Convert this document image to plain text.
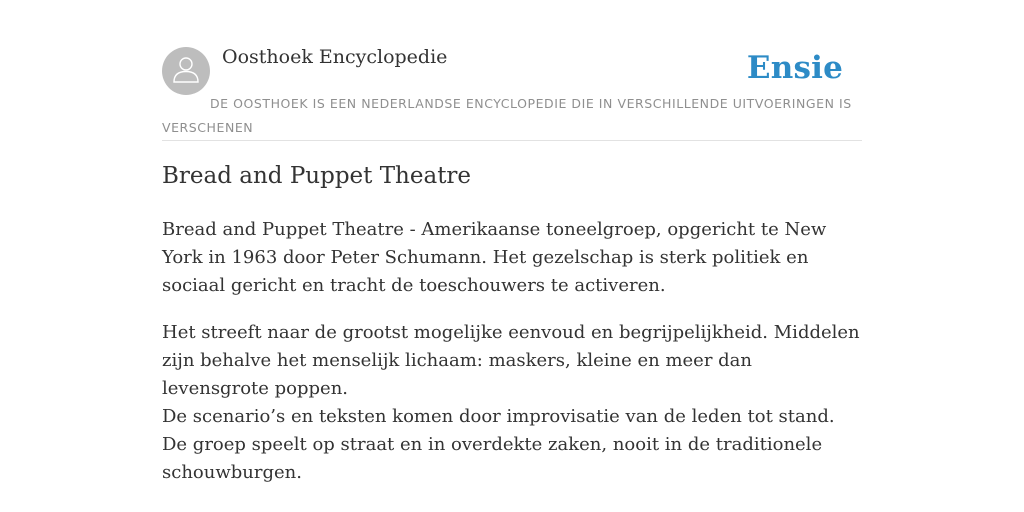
Oosthoek Encyclopedie	Ensie
DE OOSTHOEK IS EEN NEDERLANDSE ENCYCLOPEDIE DIE IN VERSCHILLENDE UITVOERINGEN IS VERSCHENEN
Bread and Puppet Theatre

Bread and Puppet Theatre - Amerikaanse toneelgroep, opgericht te New York in 1963 door Peter Schumann. Het gezelschap is sterk politiek en sociaal gericht en tracht de toeschouwers te activeren.

Het streeft naar de grootst mogelijke eenvoud en begrijpelijkheid. Middelen zijn behalve het menselijk lichaam: maskers, kleine en meer dan levensgrote poppen.

De scenario’s en teksten komen door improvisatie van de leden tot stand. De groep speelt op straat en in overdekte zaken, nooit in de traditionele schouwburgen.
